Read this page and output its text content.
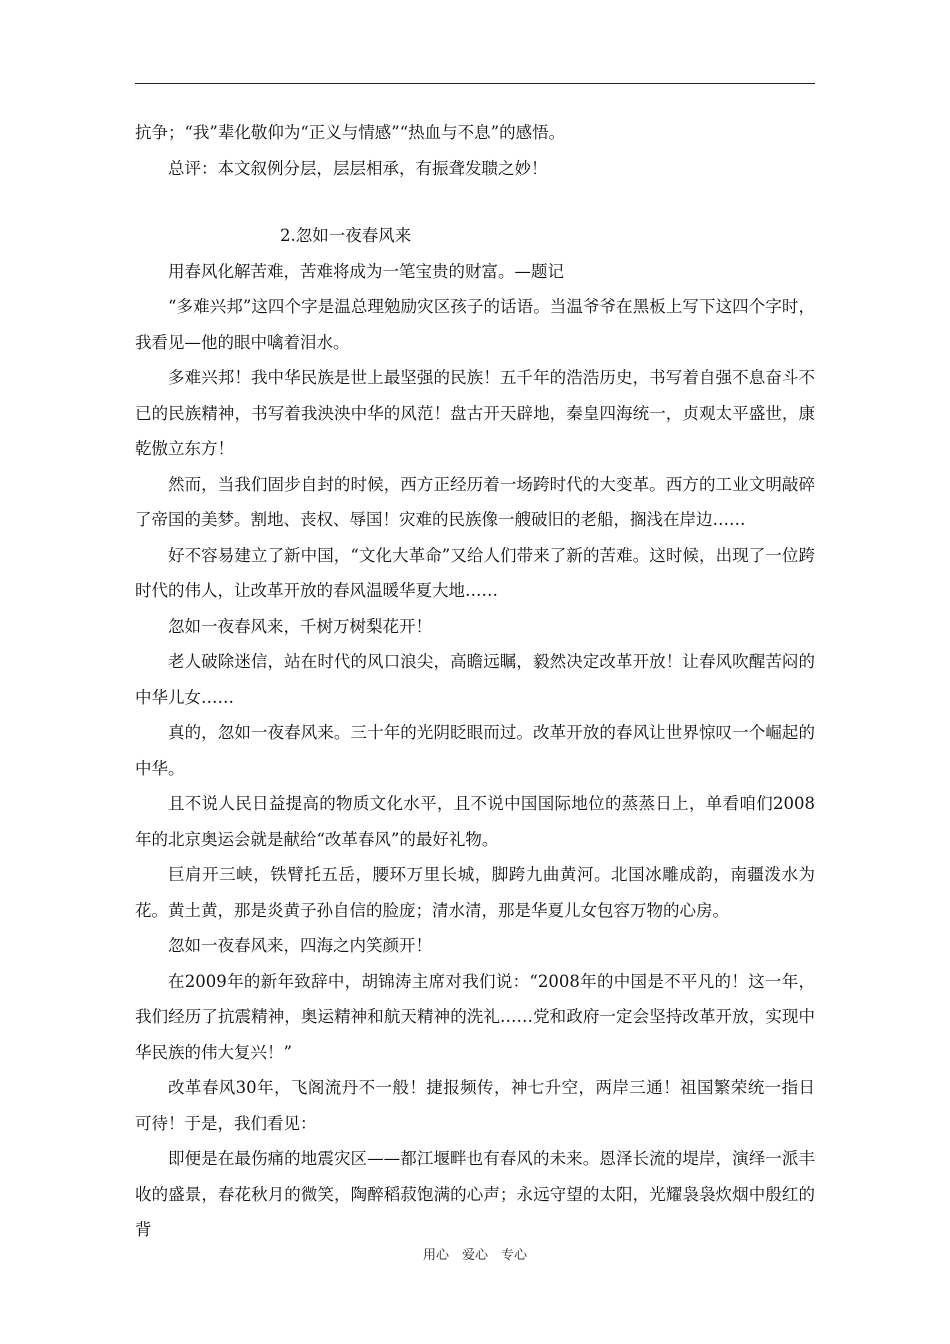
抗争；“我”辈化敬仰为“正义与情感”“热血与不息”的感悟。

总评：本文叙例分层，层层相承，有振聋发聩之妙！

2.忽如一夜春风来

用春风化解苦难，苦难将成为一笔宝贵的财富。—题记

“多难兴邦”这四个字是温总理勉励灾区孩子的话语。当温爷爷在黑板上写下这四个字时，我看见—他的眼中噙着泪水。

多难兴邦！我中华民族是世上最坚强的民族！五千年的浩浩历史，书写着自强不息奋斗不已的民族精神，书写着我泱泱中华的风范！盘古开天辟地，秦皇四海统一，贞观太平盛世，康乾傲立东方！

然而，当我们固步自封的时候，西方正经历着一场跨时代的大变革。西方的工业文明敲碎了帝国的美梦。割地、丧权、辱国！灾难的民族像一艘破旧的老船，搁浅在岸边……

好不容易建立了新中国，“文化大革命”又给人们带来了新的苦难。这时候，出现了一位跨时代的伟人，让改革开放的春风温暖华夏大地……

忽如一夜春风来，千树万树梨花开！

老人破除迷信，站在时代的风口浪尖，高瞻远瞩，毅然决定改革开放！让春风吹醒苦闷的中华儿女……

真的，忽如一夜春风来。三十年的光阴眨眼而过。改革开放的春风让世界惊叹一个崛起的中华。

且不说人民日益提高的物质文化水平，且不说中国国际地位的蒸蒸日上，单看咱们2008年的北京奥运会就是献给“改革春风”的最好礼物。

巨肩开三峡，铁臂托五岳，腰环万里长城，脚跨九曲黄河。北国冰雕成韵，南疆泼水为花。黄土黄，那是炎黄子孙自信的脸庞；清水清，那是华夏儿女包容万物的心房。

忽如一夜春风来，四海之内笑颜开！

在2009年的新年致辞中，胡锦涛主席对我们说：“2008年的中国是不平凡的！这一年，我们经历了抗震精神，奥运精神和航天精神的洗礼……党和政府一定会坚持改革开放，实现中华民族的伟大复兴！”

改革春风30年，飞阁流丹不一般！捷报频传，神七升空，两岸三通！祖国繁荣统一指日可待！于是，我们看见：

即便是在最伤痛的地震灾区——都江堰畔也有春风的未来。恩泽长流的堤岸，演绎一派丰收的盛景，春花秋月的微笑，陶醉稻菽饱满的心声；永远守望的太阳，光耀袅袅炊烟中殷红的背

用心　爱心　专心
